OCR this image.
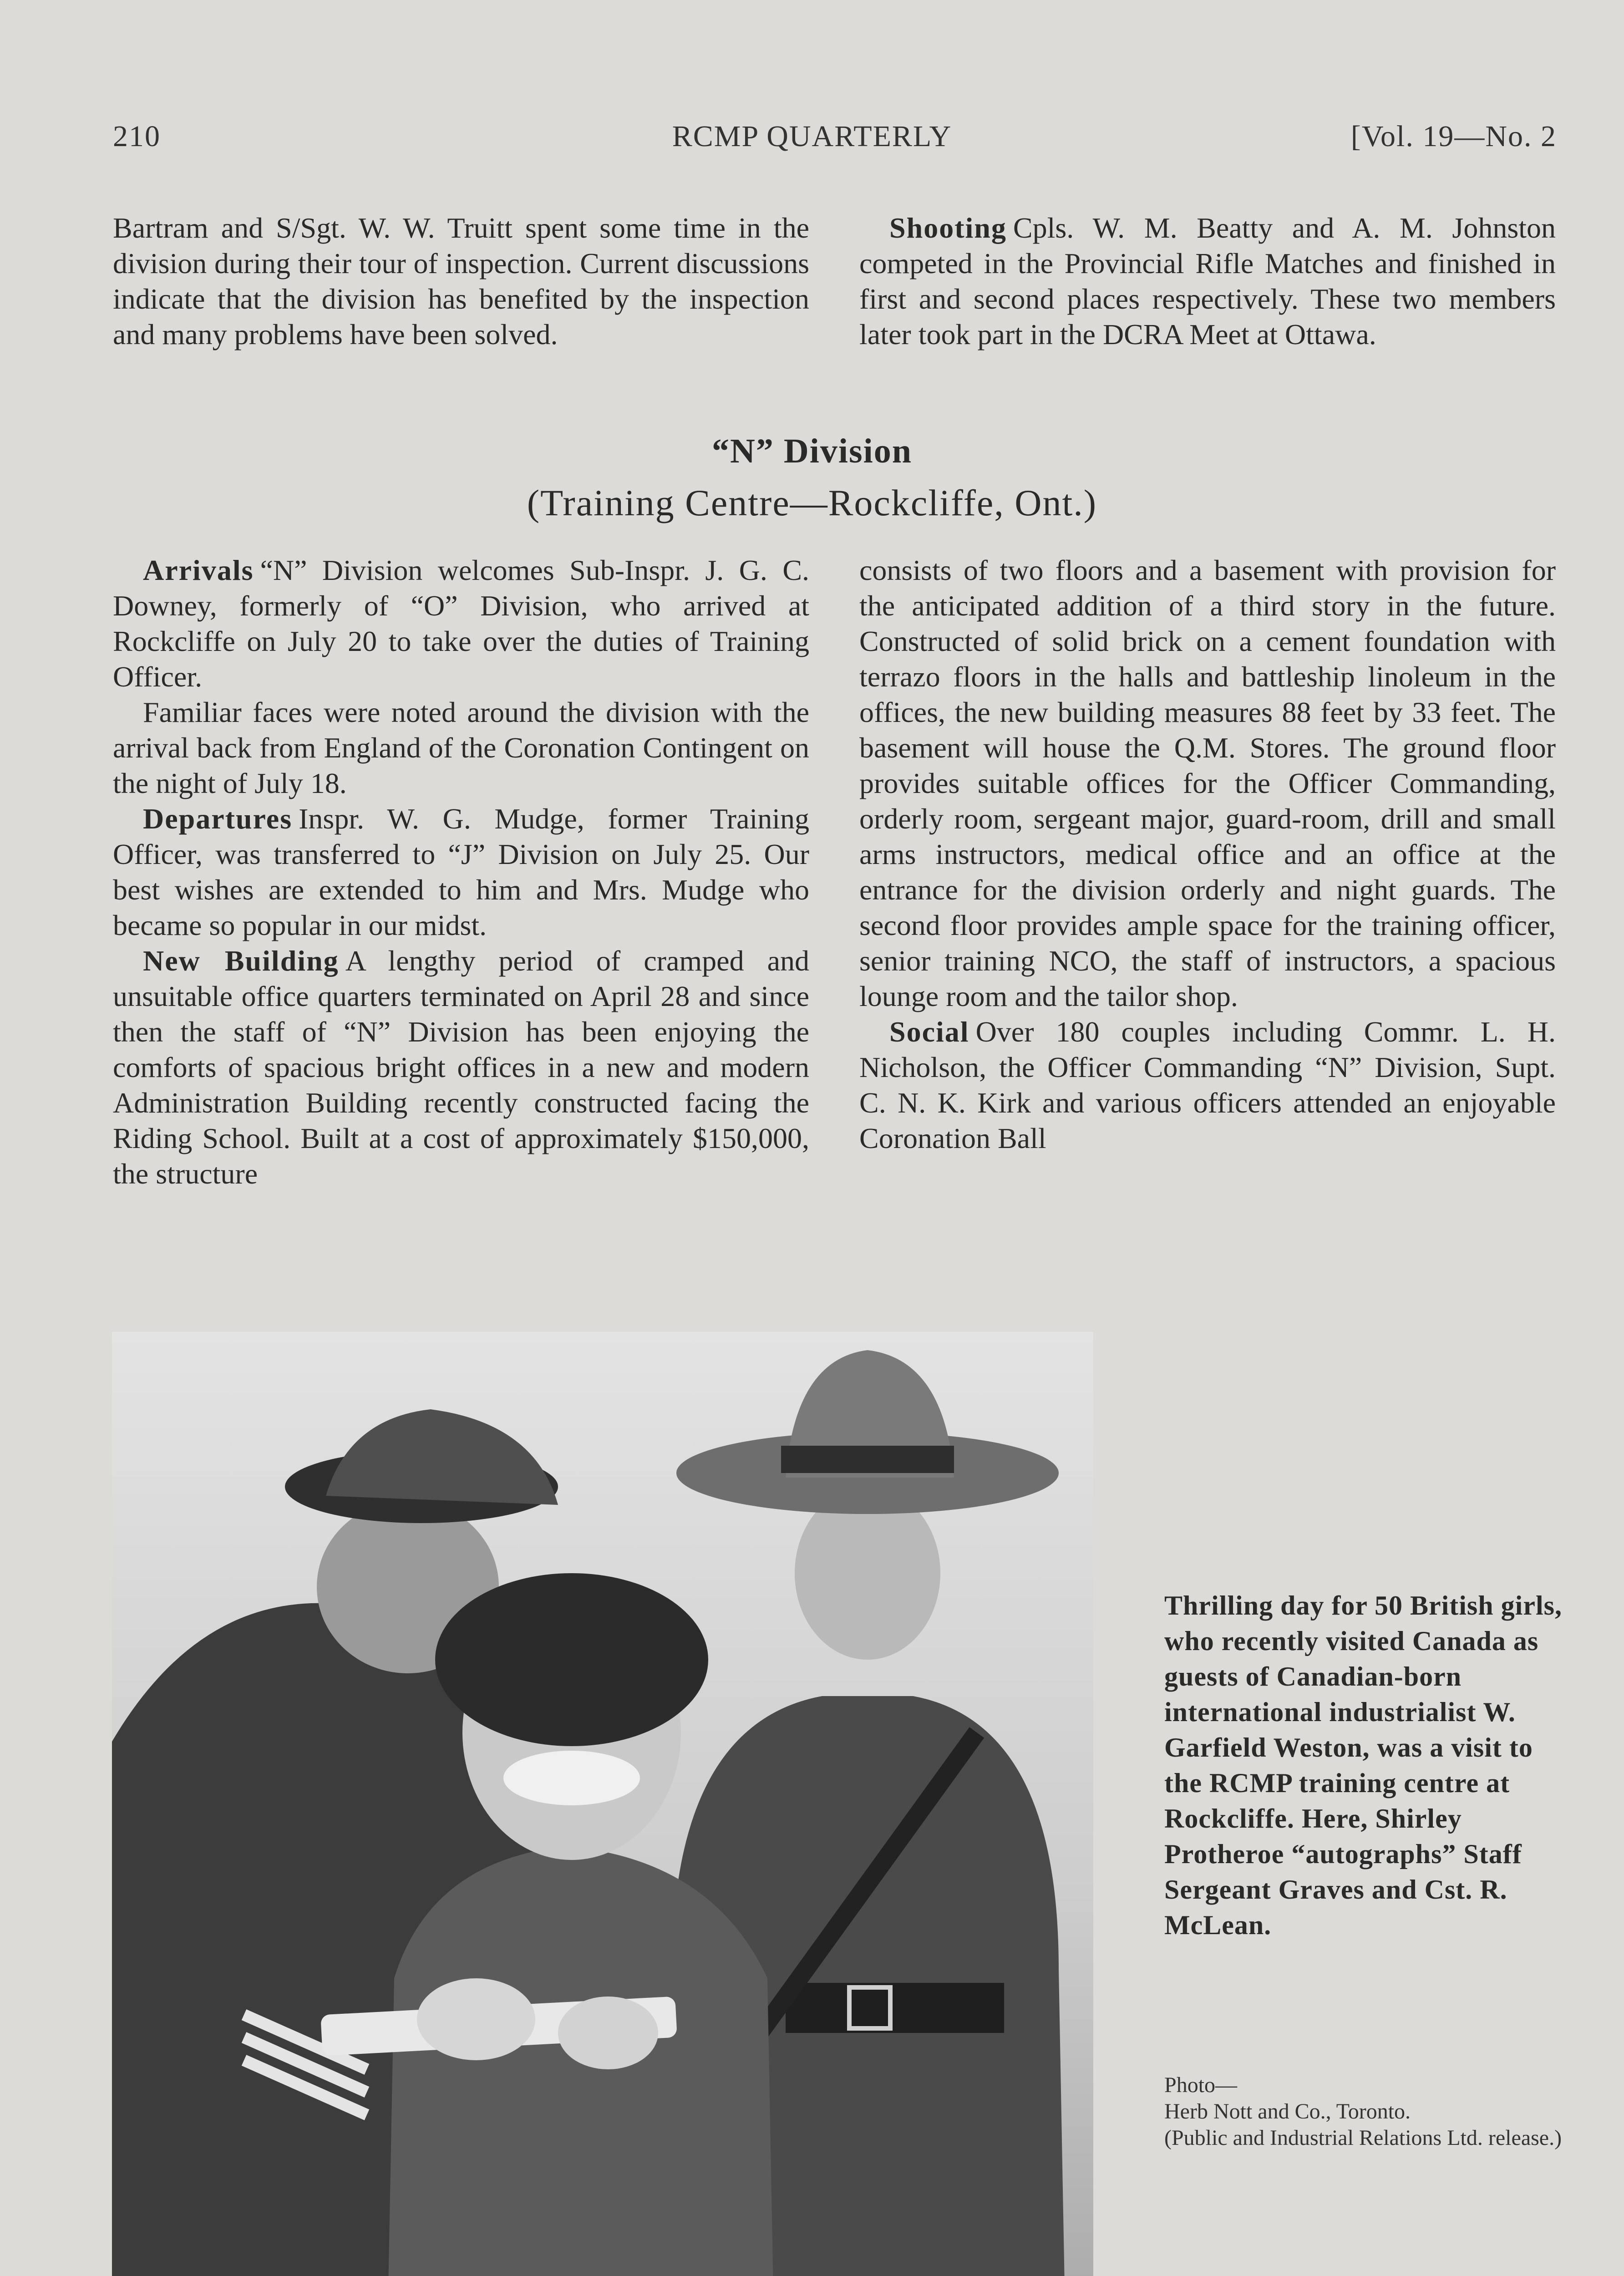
210	RCMP QUARTERLY	[Vol. 19—No. 2

Bartram and S/Sgt. W. W. Truitt spent some time in the division during their tour of inspection. Current discussions indicate that the division has benefited by the inspection and many problems have been solved.

Shooting Cpls. W. M. Beatty and A. M. Johnston competed in the Provincial Rifle Matches and finished in first and second places respectively. These two members later took part in the DCRA Meet at Ottawa.

“N” Division
(Training Centre—Rockcliffe, Ont.)

Arrivals “N” Division welcomes Sub-Inspr. J. G. C. Downey, formerly of “O” Division, who arrived at Rockcliffe on July 20 to take over the duties of Training Officer.

Familiar faces were noted around the division with the arrival back from England of the Coronation Contingent on the night of July 18.

Departures Inspr. W. G. Mudge, former Training Officer, was transferred to “J” Division on July 25. Our best wishes are extended to him and Mrs. Mudge who became so popular in our midst.

New Building A lengthy period of cramped and unsuitable office quarters terminated on April 28 and since then the staff of “N” Division has been enjoying the comforts of spacious bright offices in a new and modern Administration Building recently constructed facing the Riding School. Built at a cost of approximately $150,000, the structure

consists of two floors and a basement with provision for the anticipated addition of a third story in the future. Constructed of solid brick on a cement foundation with terrazo floors in the halls and battleship linoleum in the offices, the new building measures 88 feet by 33 feet. The basement will house the Q.M. Stores. The ground floor provides suitable offices for the Officer Commanding, orderly room, sergeant major, guard-room, drill and small arms instructors, medical office and an office at the entrance for the division orderly and night guards. The second floor provides ample space for the training officer, senior training NCO, the staff of instructors, a spacious lounge room and the tailor shop.

Social Over 180 couples including Commr. L. H. Nicholson, the Officer Commanding “N” Division, Supt. C. N. K. Kirk and various officers attended an enjoyable Coronation Ball

Thrilling day for 50 British girls, who recently visited Canada as guests of Canadian-born international industrialist W. Garfield Weston, was a visit to the RCMP training centre at Rockcliffe. Here, Shirley Protheroe “autographs” Staff Sergeant Graves and Cst. R. McLean.
Photo—
Herb Nott and Co., Toronto.
(Public and Industrial Relations Ltd. release.)
